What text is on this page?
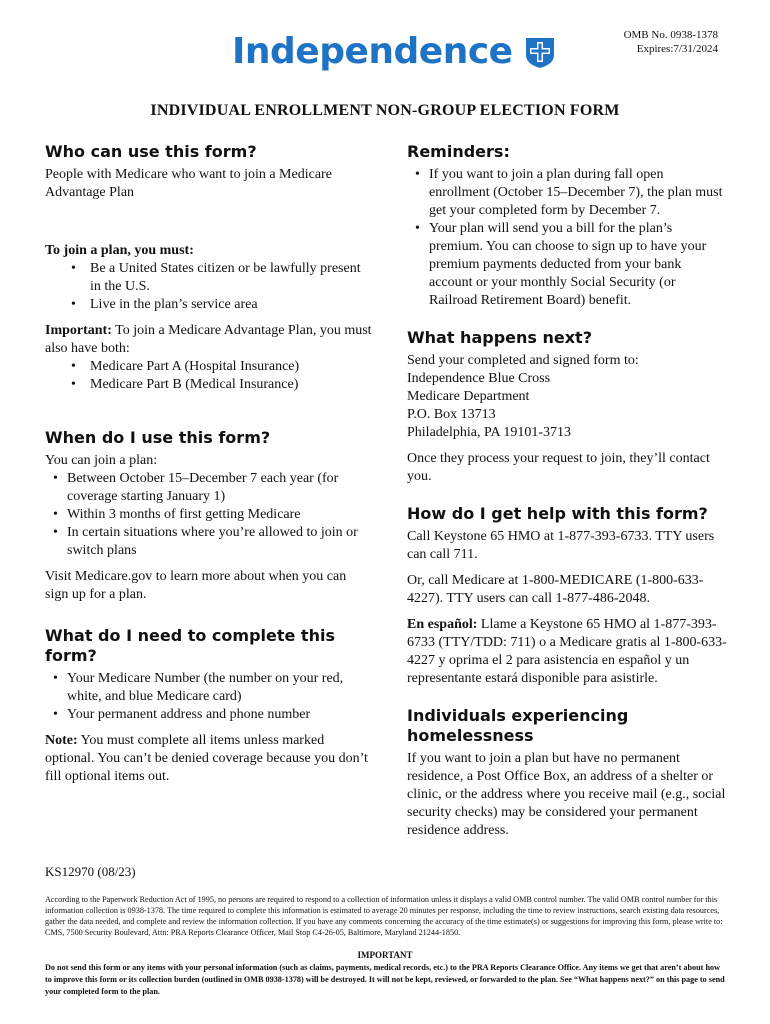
Independence	OMB No. 0938-1378
Expires:7/31/2024
INDIVIDUAL ENROLLMENT NON-GROUP ELECTION FORM
Who can use this form?

People with Medicare who want to join a Medicare Advantage Plan

To join a plan, you must:

• Be a United States citizen or be lawfully present in the U.S.
• Live in the plan’s service area

Important: To join a Medicare Advantage Plan, you must also have both:

• Medicare Part A (Hospital Insurance)
• Medicare Part B (Medical Insurance)
When do I use this form?

You can join a plan:

• Between October 15–December 7 each year (for coverage starting January 1)
• Within 3 months of first getting Medicare
• In certain situations where you’re allowed to join or switch plans

Visit Medicare.gov to learn more about when you can sign up for a plan.

What do I need to complete this form?
• Your Medicare Number (the number on your red, white, and blue Medicare card)
• Your permanent address and phone number

Note: You must complete all items unless marked optional. You can’t be denied coverage because you don’t fill optional items out.

Reminders:
• If you want to join a plan during fall open enrollment (October 15–December 7), the plan must get your completed form by December 7.
• Your plan will send you a bill for the plan’s premium. You can choose to sign up to have your premium payments deducted from your bank account or your monthly Social Security (or Railroad Retirement Board) benefit.
What happens next?

Send your completed and signed form to:

Independence Blue Cross
Medicare Department
P.O. Box 13713
Philadelphia, PA 19101-3713

Once they process your request to join, they’ll contact you.

How do I get help with this form?

Call Keystone 65 HMO at 1-877-393-6733. TTY users can call 711.

Or, call Medicare at 1-800-MEDICARE (1-800-633-4227). TTY users can call 1-877-486-2048.

En español: Llame a Keystone 65 HMO al 1-877-393-6733 (TTY/TDD: 711) o a Medicare gratis al 1-800-633-4227 y oprima el 2 para asistencia en español y un representante estará disponible para asistirle.

Individuals experiencing homelessness

If you want to join a plan but have no permanent residence, a Post Office Box, an address of a shelter or clinic, or the address where you receive mail (e.g., social security checks) may be considered your permanent residence address.

KS12970 (08/23)
According to the Paperwork Reduction Act of 1995, no persons are required to respond to a collection of information unless it displays a valid OMB control number. The valid OMB control number for this information collection is 0938-1378. The time required to complete this information is estimated to average 20 minutes per response, including the time to review instructions, search existing data resources, gather the data needed, and complete and review the information collection. If you have any comments concerning the accuracy of the time estimate(s) or suggestions for improving this form, please write to: CMS, 7500 Security Boulevard, Attn: PRA Reports Clearance Officer, Mail Stop C4-26-05, Baltimore, Maryland 21244-1850.
IMPORTANT
Do not send this form or any items with your personal information (such as claims, payments, medical records, etc.) to the PRA Reports Clearance Office. Any items we get that aren’t about how to improve this form or its collection burden (outlined in OMB 0938-1378) will be destroyed. It will not be kept, reviewed, or forwarded to the plan. See “What happens next?” on this page to send your completed form to the plan.
